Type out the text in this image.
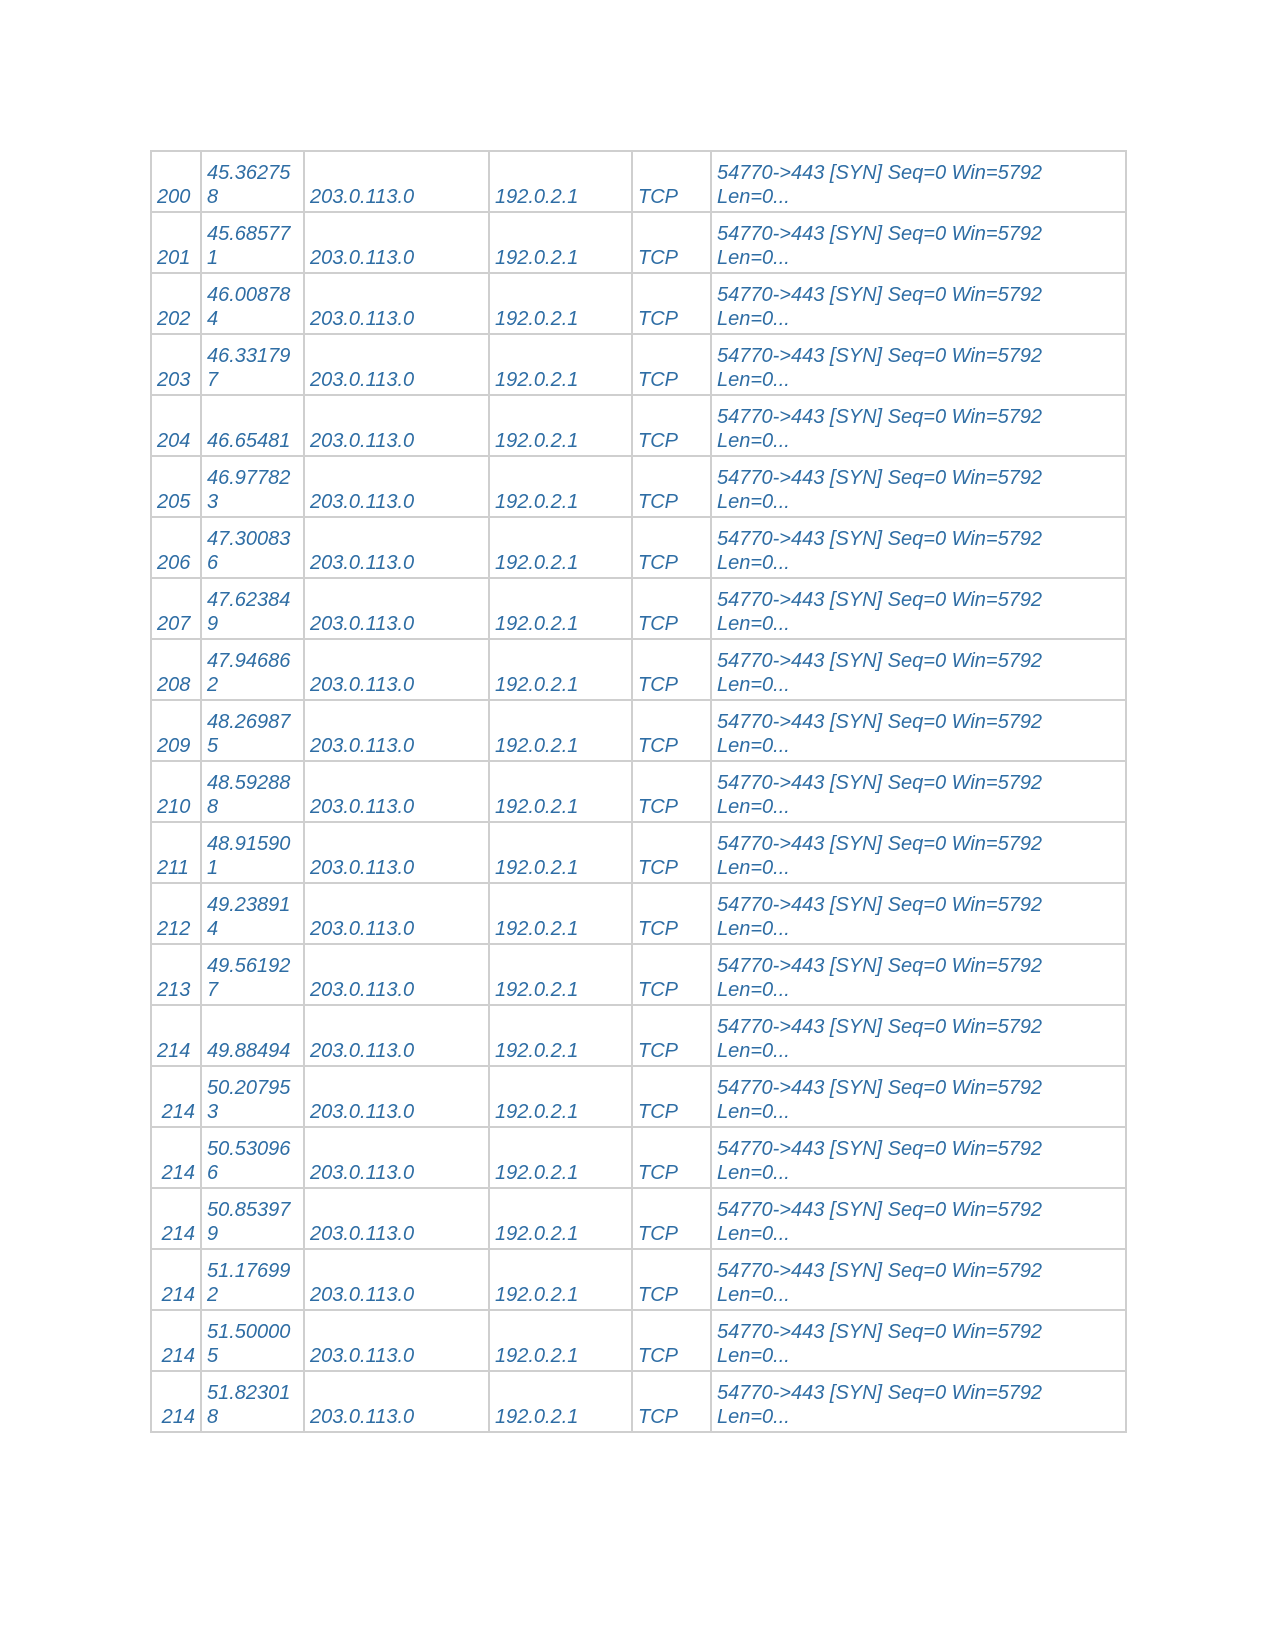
200	45.362758	203.0.113.0	192.0.2.1	TCP	54770->443 [SYN] Seq=0 Win=5792
Len=0...

201	45.685771	203.0.113.0	192.0.2.1	TCP	54770->443 [SYN] Seq=0 Win=5792
Len=0...

202	46.008784	203.0.113.0	192.0.2.1	TCP	54770->443 [SYN] Seq=0 Win=5792
Len=0...

203	46.331797	203.0.113.0	192.0.2.1	TCP	54770->443 [SYN] Seq=0 Win=5792
Len=0...

204	46.65481	203.0.113.0	192.0.2.1	TCP	54770->443 [SYN] Seq=0 Win=5792
Len=0...

205	46.977823	203.0.113.0	192.0.2.1	TCP	54770->443 [SYN] Seq=0 Win=5792
Len=0...

206	47.300836	203.0.113.0	192.0.2.1	TCP	54770->443 [SYN] Seq=0 Win=5792
Len=0...

207	47.623849	203.0.113.0	192.0.2.1	TCP	54770->443 [SYN] Seq=0 Win=5792
Len=0...

208	47.946862	203.0.113.0	192.0.2.1	TCP	54770->443 [SYN] Seq=0 Win=5792
Len=0...

209	48.269875	203.0.113.0	192.0.2.1	TCP	54770->443 [SYN] Seq=0 Win=5792
Len=0...

210	48.592888	203.0.113.0	192.0.2.1	TCP	54770->443 [SYN] Seq=0 Win=5792
Len=0...

211	48.915901	203.0.113.0	192.0.2.1	TCP	54770->443 [SYN] Seq=0 Win=5792
Len=0...

212	49.238914	203.0.113.0	192.0.2.1	TCP	54770->443 [SYN] Seq=0 Win=5792
Len=0...

213	49.561927	203.0.113.0	192.0.2.1	TCP	54770->443 [SYN] Seq=0 Win=5792
Len=0...

214	49.88494	203.0.113.0	192.0.2.1	TCP	54770->443 [SYN] Seq=0 Win=5792
Len=0...

214	50.207953	203.0.113.0	192.0.2.1	TCP	54770->443 [SYN] Seq=0 Win=5792
Len=0...

214	50.530966	203.0.113.0	192.0.2.1	TCP	54770->443 [SYN] Seq=0 Win=5792
Len=0...

214	50.853979	203.0.113.0	192.0.2.1	TCP	54770->443 [SYN] Seq=0 Win=5792
Len=0...

214	51.176992	203.0.113.0	192.0.2.1	TCP	54770->443 [SYN] Seq=0 Win=5792
Len=0...

214	51.500005	203.0.113.0	192.0.2.1	TCP	54770->443 [SYN] Seq=0 Win=5792
Len=0...

214	51.823018	203.0.113.0	192.0.2.1	TCP	54770->443 [SYN] Seq=0 Win=5792
Len=0...
